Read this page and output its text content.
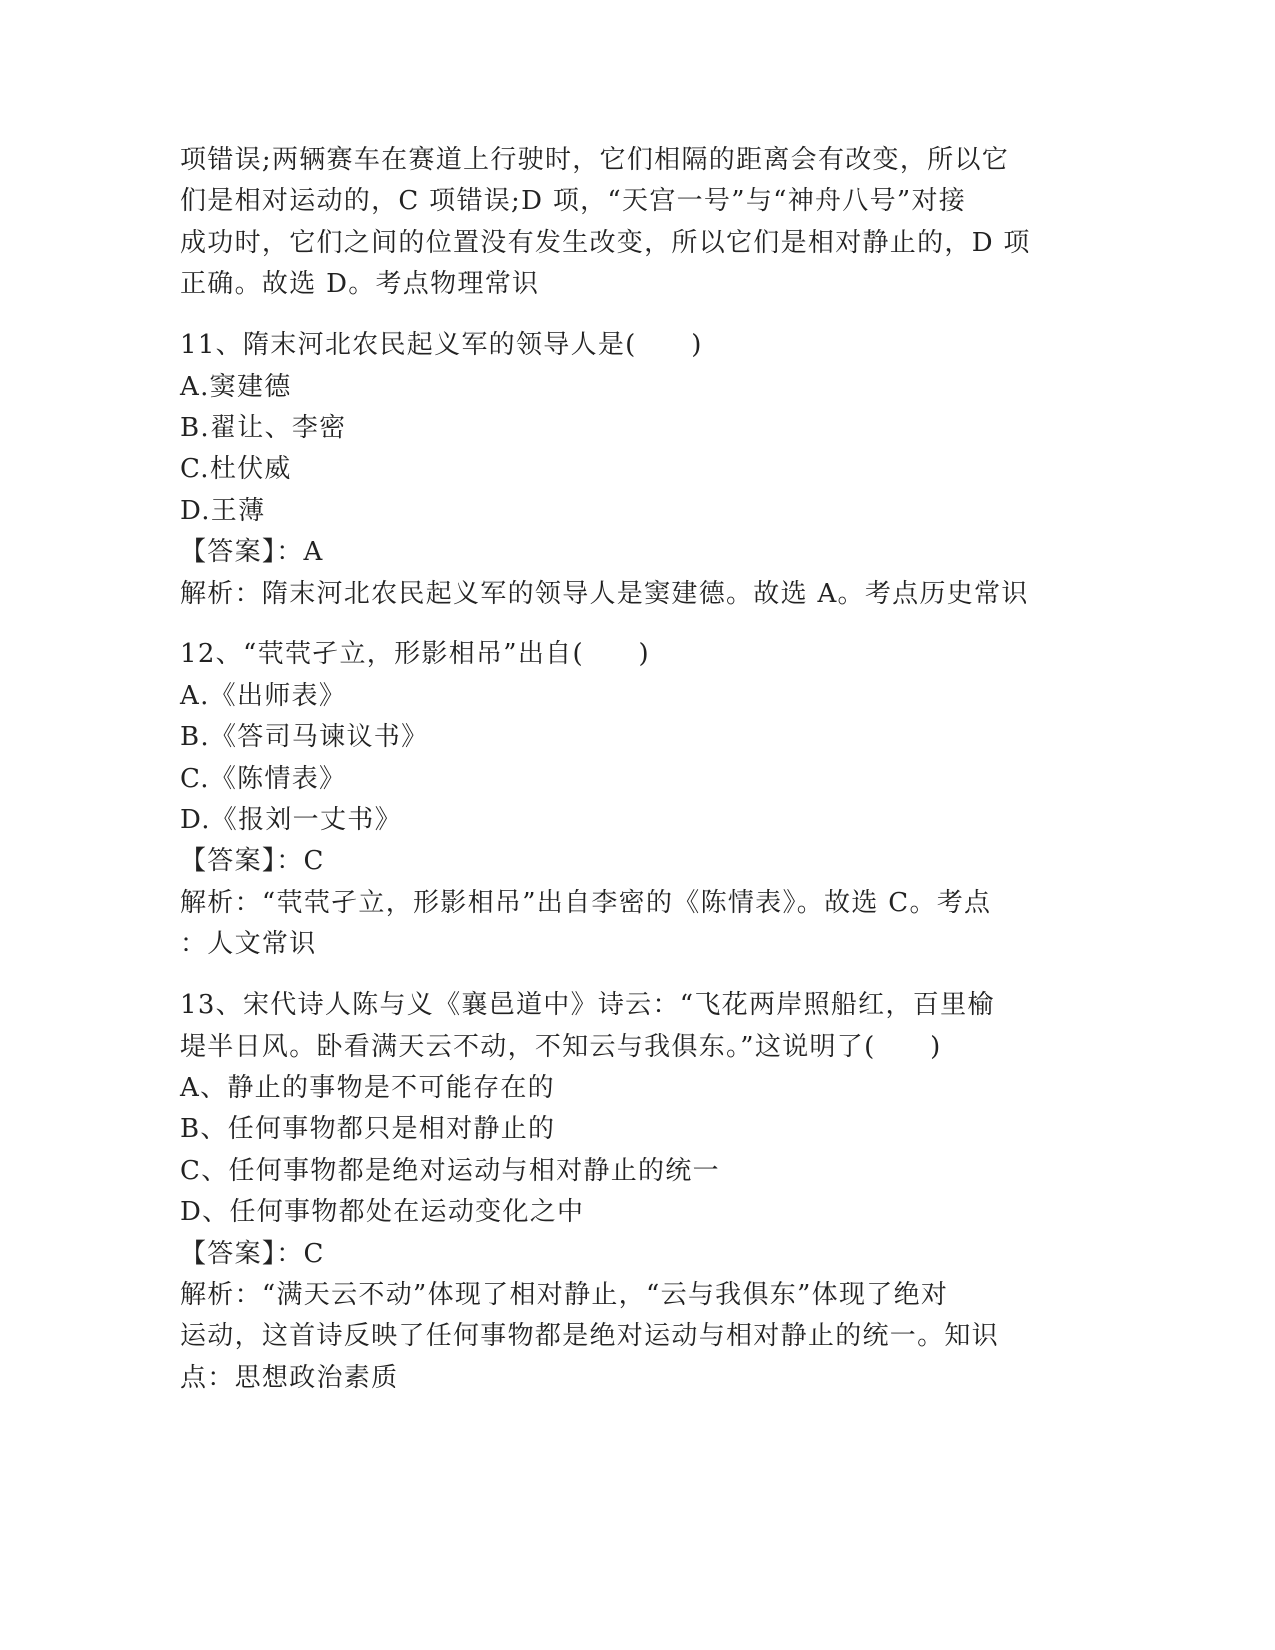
项错误;两辆赛车在赛道上行驶时，它们相隔的距离会有改变，所以它
们是相对运动的，C 项错误;D 项，“天宫一号”与“神舟八号”对接
成功时，它们之间的位置没有发生改变，所以它们是相对静止的，D 项
正确。故选 D。考点物理常识
11、隋末河北农民起义军的领导人是(　　)
A.窦建德
B.翟让、李密
C.杜伏威
D.王薄
【答案】：A
解析：隋末河北农民起义军的领导人是窦建德。故选 A。考点历史常识
12、“茕茕孑立，形影相吊”出自(　　)
A.《出师表》
B.《答司马谏议书》
C.《陈情表》
D.《报刘一丈书》
【答案】：C
解析：“茕茕孑立，形影相吊”出自李密的《陈情表》。故选 C。考点
：人文常识
13、宋代诗人陈与义《襄邑道中》诗云：“飞花两岸照船红，百里榆
堤半日风。卧看满天云不动，不知云与我俱东。”这说明了(　　)
A、静止的事物是不可能存在的
B、任何事物都只是相对静止的
C、任何事物都是绝对运动与相对静止的统一
D、任何事物都处在运动变化之中
【答案】：C
解析：“满天云不动”体现了相对静止，“云与我俱东”体现了绝对
运动，这首诗反映了任何事物都是绝对运动与相对静止的统一。知识
点：思想政治素质
